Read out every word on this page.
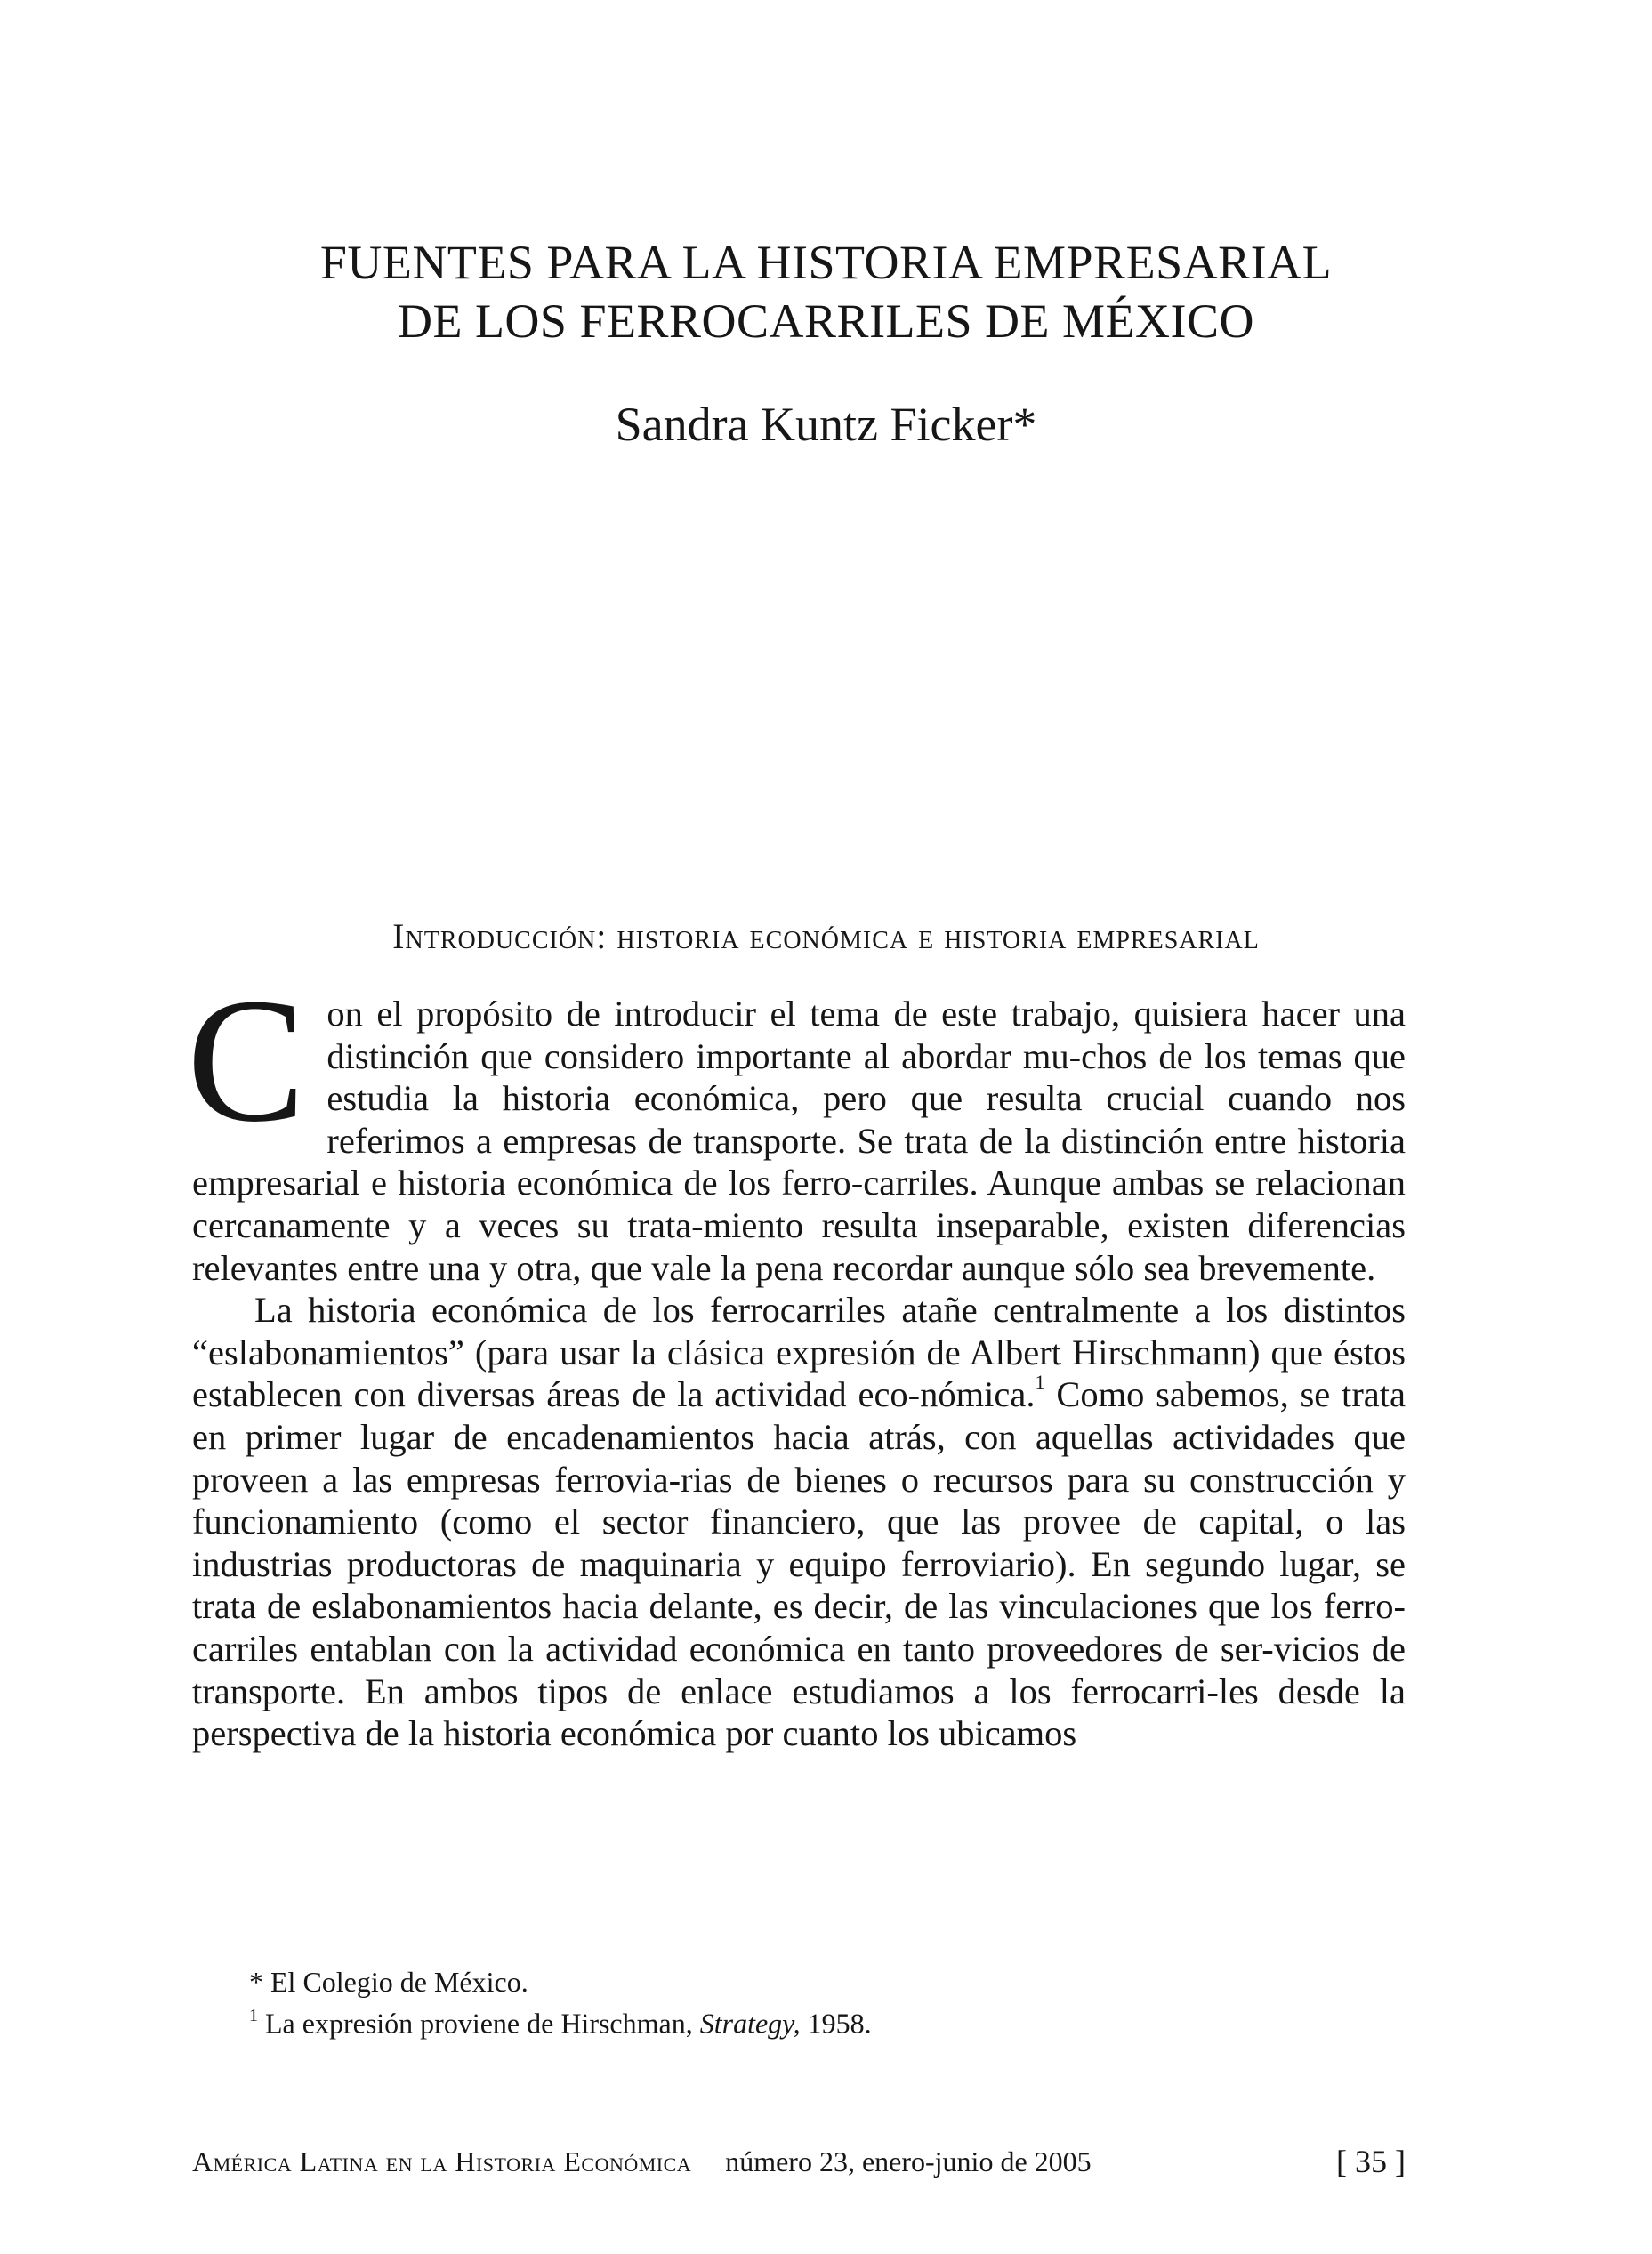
FUENTES PARA LA HISTORIA EMPRESARIAL
DE LOS FERROCARRILES DE MÉXICO
Sandra Kuntz Ficker*
Introducción: historia económica e historia empresarial

Con el propósito de introducir el tema de este trabajo, quisiera hacer una distinción que considero importante al abordar mu-chos de los temas que estudia la historia económica, pero que resulta crucial cuando nos referimos a empresas de transporte. Se trata de la distinción entre historia empresarial e historia económica de los ferro-carriles. Aunque ambas se relacionan cercanamente y a veces su trata-miento resulta inseparable, existen diferencias relevantes entre una y otra, que vale la pena recordar aunque sólo sea brevemente.

La historia económica de los ferrocarriles atañe centralmente a los distintos “eslabonamientos” (para usar la clásica expresión de Albert Hirschmann) que éstos establecen con diversas áreas de la actividad eco-nómica.$^1$ Como sabemos, se trata en primer lugar de encadenamientos hacia atrás, con aquellas actividades que proveen a las empresas ferrovia-rias de bienes o recursos para su construcción y funcionamiento (como el sector financiero, que las provee de capital, o las industrias productoras de maquinaria y equipo ferroviario). En segundo lugar, se trata de eslabonamientos hacia delante, es decir, de las vinculaciones que los ferro-carriles entablan con la actividad económica en tanto proveedores de ser-vicios de transporte. En ambos tipos de enlace estudiamos a los ferrocarri-les desde la perspectiva de la historia económica por cuanto los ubicamos

* El Colegio de México.
$^1$ La expresión proviene de Hirschman, Strategy, 1958.
América Latina en la Historia Económica número 23, enero-junio de 2005	[ 35 ]
